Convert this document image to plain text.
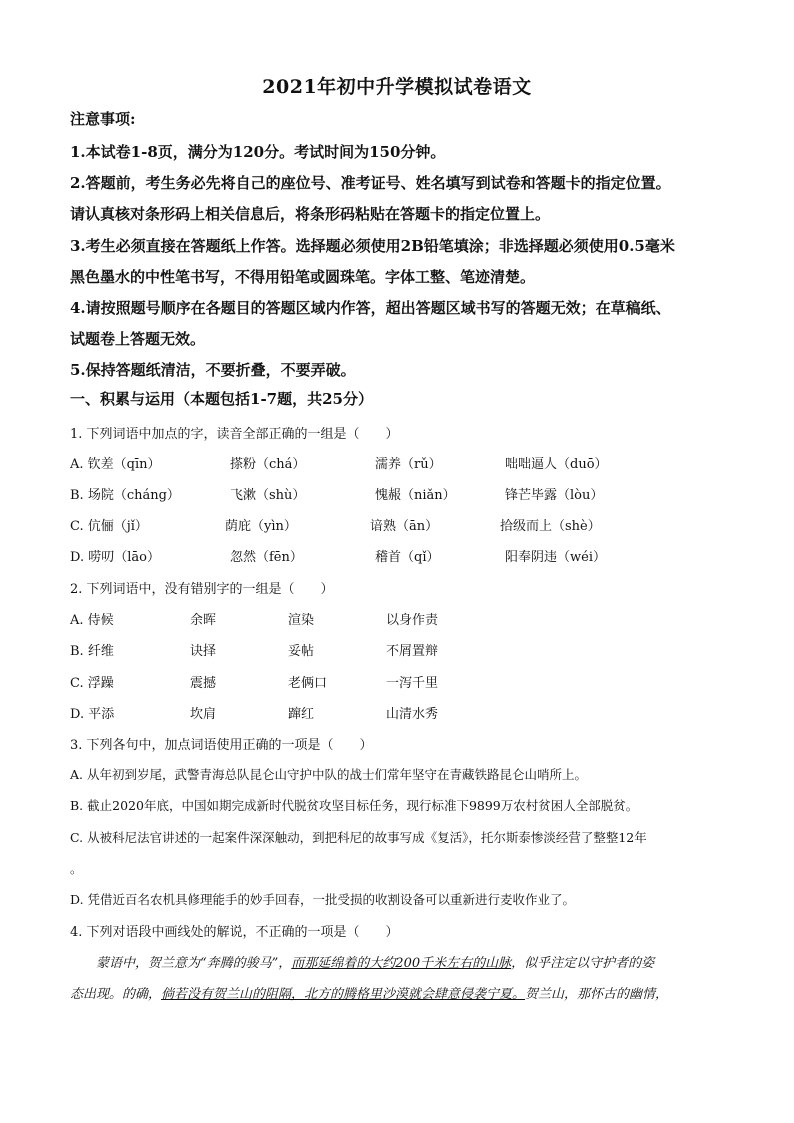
2021年初中升学模拟试卷语文
注意事项:
1.本试卷1-8页，满分为120分。考试时间为150分钟。
2.答题前，考生务必先将自己的座位号、准考证号、姓名填写到试卷和答题卡的指定位置。
请认真核对条形码上相关信息后，将条形码粘贴在答题卡的指定位置上。
3.考生必须直接在答题纸上作答。选择题必须使用2B铅笔填涂；非选择题必须使用0.5毫米
黑色墨水的中性笔书写，不得用铅笔或圆珠笔。字体工整、笔迹清楚。
4.请按照题号顺序在各题目的答题区域内作答，超出答题区域书写的答题无效；在草稿纸、
试题卷上答题无效。
5.保持答题纸清洁，不要折叠，不要弄破。
一、积累与运用（本题包括1-7题，共25分）
1. 下列词语中加点的字，读音全部正确的一组是（　　）
A. 钦差（qīn）	搽粉（chá）	濡养（rǔ）	咄咄逼人（duō）
B. 场院（cháng）	飞漱（shù）	愧赧（niǎn）	锋芒毕露（lòu）
C. 伉俪（jǐ）	荫庇（yìn）	谙熟（ān）	拾级而上（shè）
D. 唠叨（lāo）	忽然（fēn）	稽首（qǐ）	阳奉阴违（wéi）
2. 下列词语中，没有错别字的一组是（　　）
A. 侍候	余晖	渲染	以身作责
B. 纤维	诀择	妥帖	不屑置辩
C. 浮躁	震撼	老俩口	一泻千里
D. 平添	坎肩	蹿红	山清水秀
3. 下列各句中，加点词语使用正确的一项是（　　）
A. 从年初到岁尾，武警青海总队昆仑山守护中队的战士们常年坚守在青藏铁路昆仑山哨所上。
B. 截止2020年底，中国如期完成新时代脱贫攻坚目标任务，现行标准下9899万农村贫困人全部脱贫。
C. 从被科尼法官讲述的一起案件深深触动，到把科尼的故事写成《复活》，托尔斯泰惨淡经营了整整12年
。
D. 凭借近百名农机具修理能手的妙手回春，一批受损的收割设备可以重新进行麦收作业了。
4. 下列对语段中画线处的解说，不正确的一项是（　　）
　　蒙语中，贺兰意为“奔腾的骏马”，而那延绵着的大约200千米左右的山脉，似乎注定以守护者的姿
态出现。的确，倘若没有贺兰山的阻隔，北方的腾格里沙漠就会肆意侵袭宁夏。贺兰山，那怀古的幽情，
